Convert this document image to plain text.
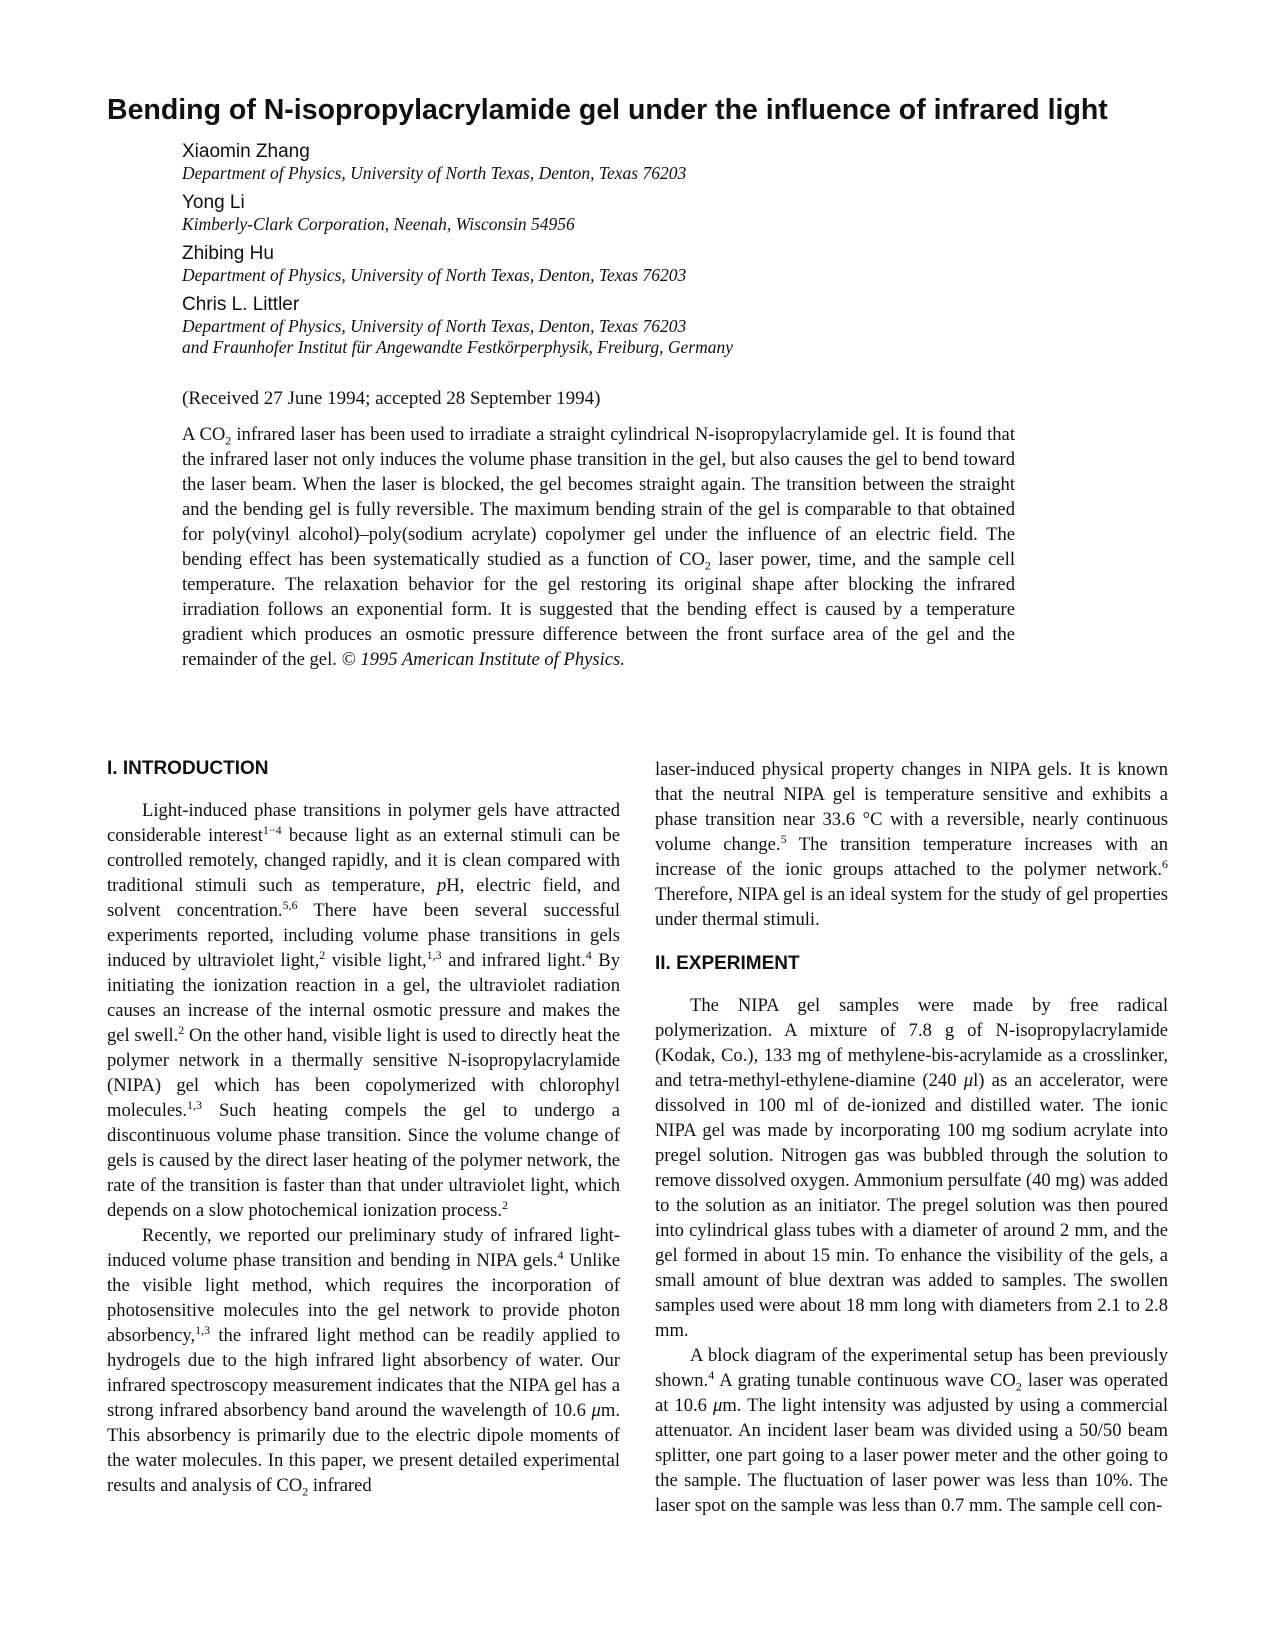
Bending of N-isopropylacrylamide gel under the influence of infrared light
Xiaomin Zhang
Department of Physics, University of North Texas, Denton, Texas 76203
Yong Li
Kimberly-Clark Corporation, Neenah, Wisconsin 54956
Zhibing Hu
Department of Physics, University of North Texas, Denton, Texas 76203
Chris L. Littler
Department of Physics, University of North Texas, Denton, Texas 76203
and Fraunhofer Institut für Angewandte Festkörperphysik, Freiburg, Germany
(Received 27 June 1994; accepted 28 September 1994)

A $CO_2$ infrared laser has been used to irradiate a straight cylindrical N-isopropylacrylamide gel. It is found that the infrared laser not only induces the volume phase transition in the gel, but also causes the gel to bend toward the laser beam. When the laser is blocked, the gel becomes straight again. The transition between the straight and the bending gel is fully reversible. The maximum bending strain of the gel is comparable to that obtained for poly(vinyl alcohol)–poly(sodium acrylate) copolymer gel under the influence of an electric field. The bending effect has been systematically studied as a function of $CO_2$ laser power, time, and the sample cell temperature. The relaxation behavior for the gel restoring its original shape after blocking the infrared irradiation follows an exponential form. It is suggested that the bending effect is caused by a temperature gradient which produces an osmotic pressure difference between the front surface area of the gel and the remainder of the gel. © 1995 American Institute of Physics.

I. INTRODUCTION

Light-induced phase transitions in polymer gels have attracted considerable interest$^{1-4}$ because light as an external stimuli can be controlled remotely, changed rapidly, and it is clean compared with traditional stimuli such as temperature, pH, electric field, and solvent concentration.$^{5,6}$ There have been several successful experiments reported, including volume phase transitions in gels induced by ultraviolet light,$^2$ visible light,$^{1,3}$ and infrared light.$^4$ By initiating the ionization reaction in a gel, the ultraviolet radiation causes an increase of the internal osmotic pressure and makes the gel swell.$^2$ On the other hand, visible light is used to directly heat the polymer network in a thermally sensitive N-isopropylacrylamide (NIPA) gel which has been copolymerized with chlorophyl molecules.$^{1,3}$ Such heating compels the gel to undergo a discontinuous volume phase transition. Since the volume change of gels is caused by the direct laser heating of the polymer network, the rate of the transition is faster than that under ultraviolet light, which depends on a slow photochemical ionization process.$^2$

Recently, we reported our preliminary study of infrared light-induced volume phase transition and bending in NIPA gels.$^4$ Unlike the visible light method, which requires the incorporation of photosensitive molecules into the gel network to provide photon absorbency,$^{1,3}$ the infrared light method can be readily applied to hydrogels due to the high infrared light absorbency of water. Our infrared spectroscopy measurement indicates that the NIPA gel has a strong infrared absorbency band around the wavelength of 10.6 μm. This absorbency is primarily due to the electric dipole moments of the water molecules. In this paper, we present detailed experimental results and analysis of $CO_2$ infrared

laser-induced physical property changes in NIPA gels. It is known that the neutral NIPA gel is temperature sensitive and exhibits a phase transition near 33.6 °C with a reversible, nearly continuous volume change.$^5$ The transition temperature increases with an increase of the ionic groups attached to the polymer network.$^6$ Therefore, NIPA gel is an ideal system for the study of gel properties under thermal stimuli.

II. EXPERIMENT

The NIPA gel samples were made by free radical polymerization. A mixture of 7.8 g of N-isopropylacrylamide (Kodak, Co.), 133 mg of methylene-bis-acrylamide as a crosslinker, and tetra-methyl-ethylene-diamine (240 μl) as an accelerator, were dissolved in 100 ml of de-ionized and distilled water. The ionic NIPA gel was made by incorporating 100 mg sodium acrylate into pregel solution. Nitrogen gas was bubbled through the solution to remove dissolved oxygen. Ammonium persulfate (40 mg) was added to the solution as an initiator. The pregel solution was then poured into cylindrical glass tubes with a diameter of around 2 mm, and the gel formed in about 15 min. To enhance the visibility of the gels, a small amount of blue dextran was added to samples. The swollen samples used were about 18 mm long with diameters from 2.1 to 2.8 mm.

A block diagram of the experimental setup has been previously shown.$^4$ A grating tunable continuous wave $CO_2$ laser was operated at 10.6 μm. The light intensity was adjusted by using a commercial attenuator. An incident laser beam was divided using a 50/50 beam splitter, one part going to a laser power meter and the other going to the sample. The fluctuation of laser power was less than 10%. The laser spot on the sample was less than 0.7 mm. The sample cell con-
